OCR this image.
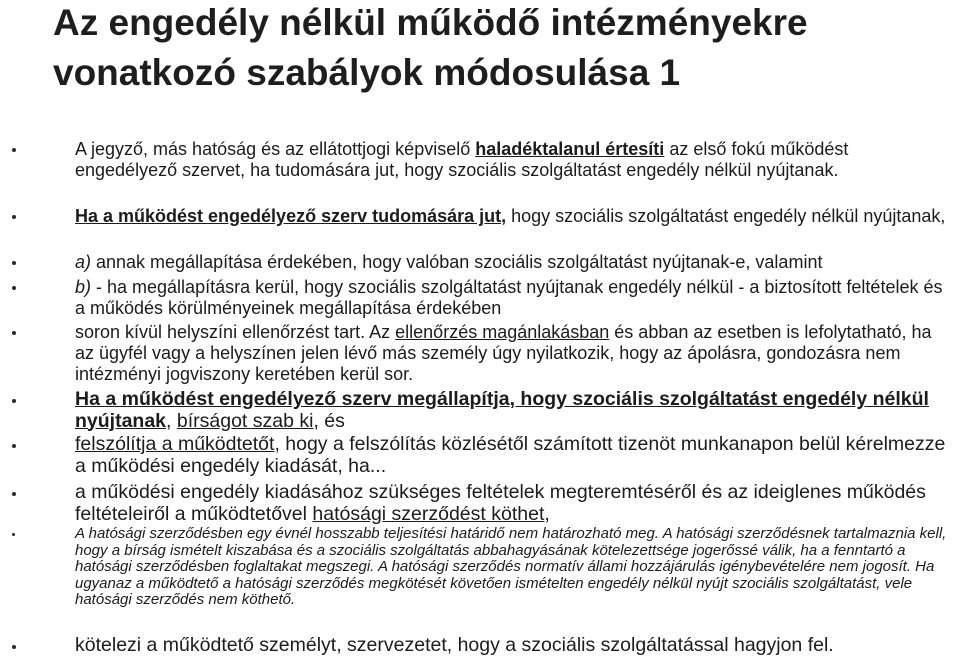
Az engedély nélkül működő intézményekre
vonatkozó szabályok módosulása 1
A jegyző, más hatóság és az ellátottjogi képviselő haladéktalanul értesíti az első fokú működést engedélyező szervet, ha tudomására jut, hogy szociális szolgáltatást engedély nélkül nyújtanak.
Ha a működést engedélyező szerv tudomására jut, hogy szociális szolgáltatást engedély nélkül nyújtanak,
a) annak megállapítása érdekében, hogy valóban szociális szolgáltatást nyújtanak-e, valamint
b) - ha megállapításra kerül, hogy szociális szolgáltatást nyújtanak engedély nélkül - a biztosított feltételek és a működés körülményeinek megállapítása érdekében
soron kívül helyszíni ellenőrzést tart. Az ellenőrzés magánlakásban és abban az esetben is lefolytatható, ha az ügyfél vagy a helyszínen jelen lévő más személy úgy nyilatkozik, hogy az ápolásra, gondozásra nem intézményi jogviszony keretében kerül sor.
Ha a működést engedélyező szerv megállapítja, hogy szociális szolgáltatást engedély nélkül nyújtanak, bírságot szab ki, és
felszólítja a működtetőt, hogy a felszólítás közlésétől számított tizenöt munkanapon belül kérelmezze a működési engedély kiadását, ha...
a működési engedély kiadásához szükséges feltételek megteremtéséről és az ideiglenes működés feltételeiről a működtetővel hatósági szerződést köthet,
A hatósági szerződésben egy évnél hosszabb teljesítési határidő nem határozható meg. A hatósági szerződésnek tartalmaznia kell, hogy a bírság ismételt kiszabása és a szociális szolgáltatás abbahagyásának kötelezettsége jogerőssé válik, ha a fenntartó a hatósági szerződésben foglaltakat megszegi. A hatósági szerződés normatív állami hozzájárulás igénybevételére nem jogosít. Ha ugyanaz a működtető a hatósági szerződés megkötését követően ismételten engedély nélkül nyújt szociális szolgáltatást, vele hatósági szerződés nem köthető.
kötelezi a működtető személyt, szervezetet, hogy a szociális szolgáltatással hagyjon fel.
